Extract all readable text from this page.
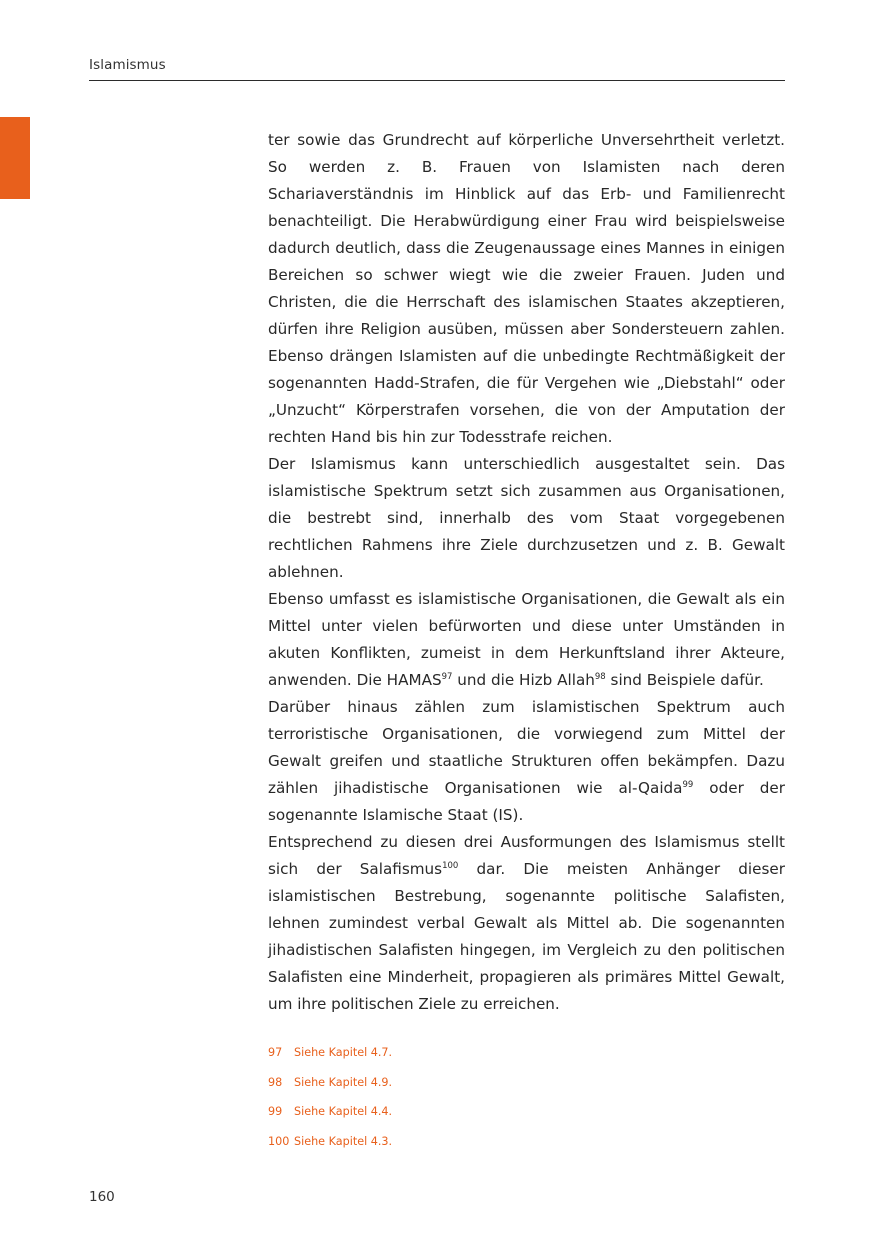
Islamismus

ter sowie das Grundrecht auf körperliche Unversehrtheit verletzt. So werden z. B. Frauen von Islamisten nach deren Schariaverständnis im Hinblick auf das Erb- und Familienrecht benachteiligt. Die Herabwürdigung einer Frau wird beispielsweise dadurch deutlich, dass die Zeugenaussage eines Mannes in einigen Bereichen so schwer wiegt wie die zweier Frauen. Juden und Christen, die die Herrschaft des islamischen Staates akzeptieren, dürfen ihre Religion ausüben, müssen aber Sondersteuern zahlen. Ebenso drängen Islamisten auf die unbedingte Rechtmäßigkeit der sogenannten Hadd-Strafen, die für Vergehen wie „Diebstahl“ oder „Unzucht“ Körperstrafen vorsehen, die von der Amputation der rechten Hand bis hin zur Todesstrafe reichen.

Der Islamismus kann unterschiedlich ausgestaltet sein. Das islamistische Spektrum setzt sich zusammen aus Organisationen, die bestrebt sind, innerhalb des vom Staat vorgegebenen rechtlichen Rahmens ihre Ziele durchzusetzen und z. B. Gewalt ablehnen.

Ebenso umfasst es islamistische Organisationen, die Gewalt als ein Mittel unter vielen befürworten und diese unter Umständen in akuten Konflikten, zumeist in dem Herkunftsland ihrer Akteure, anwenden. Die HAMAS$^{97}$ und die Hizb Allah$^{98}$ sind Beispiele dafür.

Darüber hinaus zählen zum islamistischen Spektrum auch terroristische Organisationen, die vorwiegend zum Mittel der Gewalt greifen und staatliche Strukturen offen bekämpfen. Dazu zählen jihadistische Organisationen wie al-Qaida$^{99}$ oder der sogenannte Islamische Staat (IS).

Entsprechend zu diesen drei Ausformungen des Islamismus stellt sich der Salafismus$^{100}$ dar. Die meisten Anhänger dieser islamistischen Bestrebung, sogenannte politische Salafisten, lehnen zumindest verbal Gewalt als Mittel ab. Die sogenannten jihadistischen Salafisten hingegen, im Vergleich zu den politischen Salafisten eine Minderheit, propagieren als primäres Mittel Gewalt, um ihre politischen Ziele zu erreichen.

97 Siehe Kapitel 4.7.
98 Siehe Kapitel 4.9.
99 Siehe Kapitel 4.4.
100 Siehe Kapitel 4.3.
160
